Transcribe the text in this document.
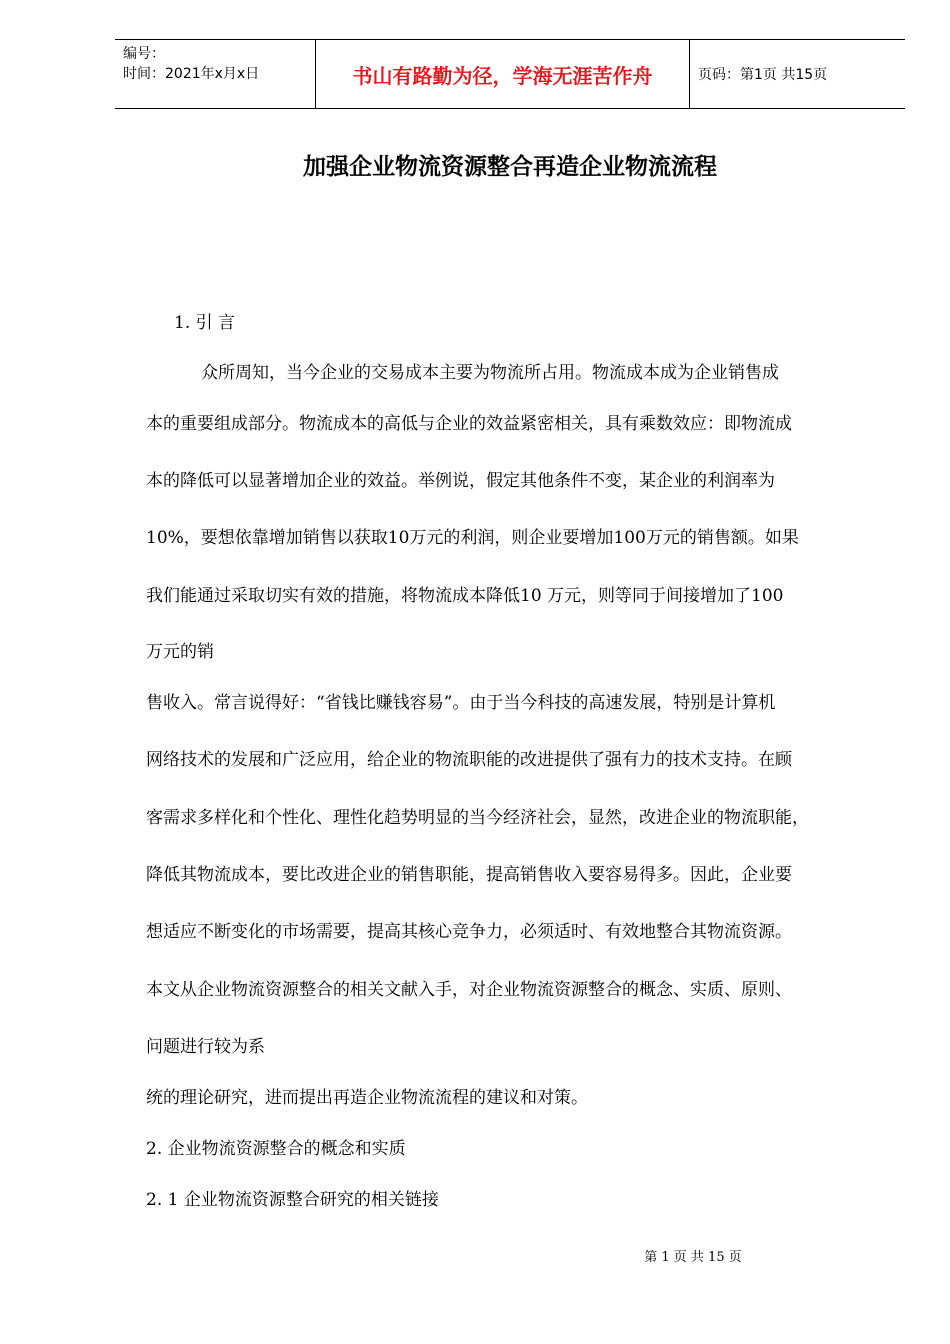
编号：
时间：2021年x月x日	书山有路勤为径，学海无涯苦作舟	页码：第1页 共15页
加强企业物流资源整合再造企业物流流程
1. 引 言
众所周知，当今企业的交易成本主要为物流所占用。物流成本成为企业销售成
本的重要组成部分。物流成本的高低与企业的效益紧密相关，具有乘数效应：即物流成
本的降低可以显著增加企业的效益。举例说，假定其他条件不变，某企业的利润率为
10%，要想依靠增加销售以获取10万元的利润，则企业要增加100万元的销售额。如果
我们能通过采取切实有效的措施，将物流成本降低10 万元，则等同于间接增加了100
万元的销
售收入。常言说得好：“省钱比赚钱容易”。由于当今科技的高速发展，特别是计算机
网络技术的发展和广泛应用，给企业的物流职能的改进提供了强有力的技术支持。在顾
客需求多样化和个性化、理性化趋势明显的当今经济社会，显然，改进企业的物流职能，
降低其物流成本，要比改进企业的销售职能，提高销售收入要容易得多。因此，企业要
想适应不断变化的市场需要，提高其核心竞争力，必须适时、有效地整合其物流资源。
本文从企业物流资源整合的相关文献入手，对企业物流资源整合的概念、实质、原则、
问题进行较为系
统的理论研究，进而提出再造企业物流流程的建议和对策。
2. 企业物流资源整合的概念和实质
2. 1 企业物流资源整合研究的相关链接
第 1 页 共 15 页
